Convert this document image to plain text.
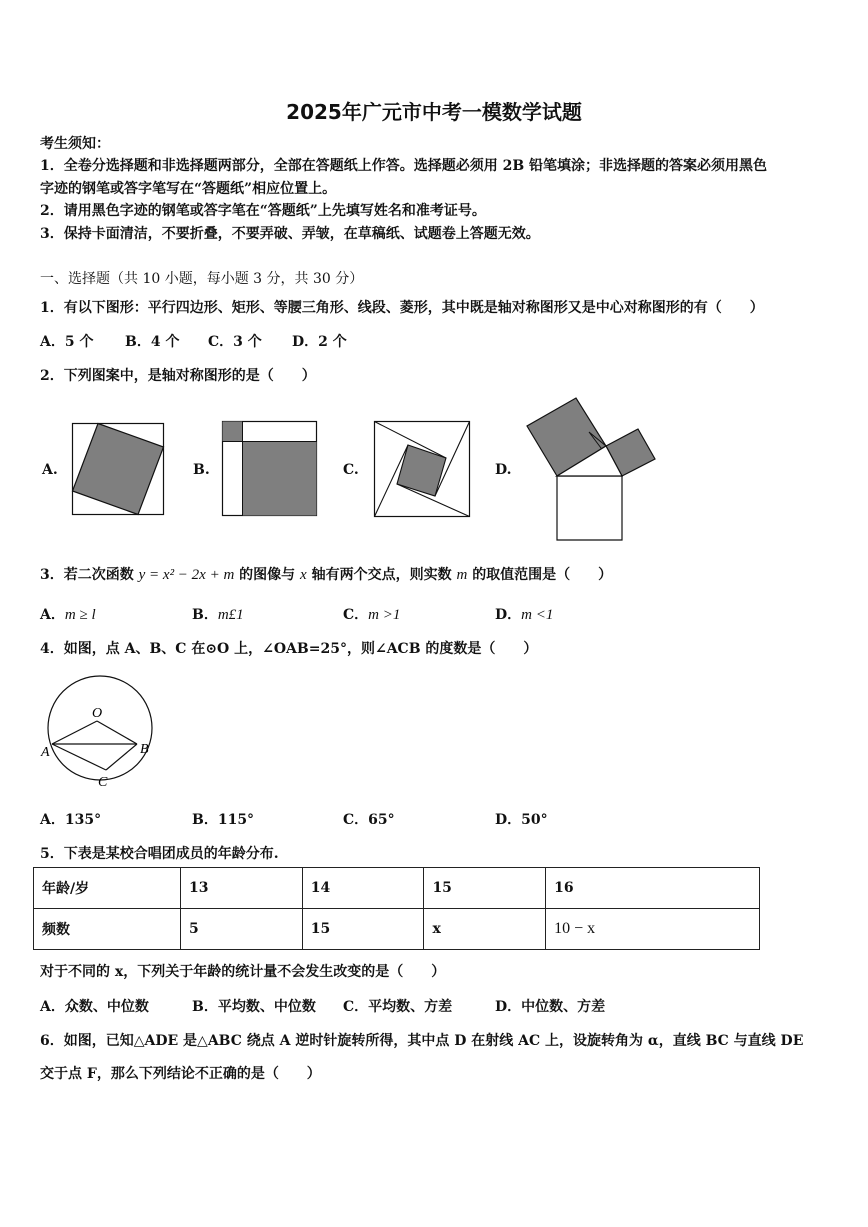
2025年广元市中考一模数学试题
考生须知：
1．全卷分选择题和非选择题两部分，全部在答题纸上作答。选择题必须用 2B 铅笔填涂；非选择题的答案必须用黑色
字迹的钢笔或答字笔写在“答题纸”相应位置上。
2．请用黑色字迹的钢笔或答字笔在“答题纸”上先填写姓名和准考证号。
3．保持卡面清洁，不要折叠，不要弄破、弄皱，在草稿纸、试题卷上答题无效。
一、选择题（共 10 小题，每小题 3 分，共 30 分）
1．有以下图形：平行四边形、矩形、等腰三角形、线段、菱形，其中既是轴对称图形又是中心对称图形的有（　　）
A．5 个 B．4 个 C．3 个 D．2 个
2．下列图案中，是轴对称图形的是（　　）
A.	B.	C.	D.
3．若二次函数 y = x² − 2x + m 的图像与 x 轴有两个交点，则实数 m 的取值范围是（　　）
A．m ≥ l	B．m£1	C．m >1	D．m <1
4．如图，点 A、B、C 在⊙O 上，∠OAB=25°，则∠ACB 的度数是（　　）
O
A	B
C
A．135°	B．115°	C．65°	D．50°
5．下表是某校合唱团成员的年龄分布.
年龄/岁	13	14	15	16
频数	5	15	x	10 − x
对于不同的 x，下列关于年龄的统计量不会发生改变的是（　　）
A．众数、中位数	B．平均数、中位数 C．平均数、方差	D．中位数、方差
6．如图，已知△ADE 是△ABC 绕点 A 逆时针旋转所得，其中点 D 在射线 AC 上，设旋转角为 α，直线 BC 与直线 DE
交于点 F，那么下列结论不正确的是（　　）
